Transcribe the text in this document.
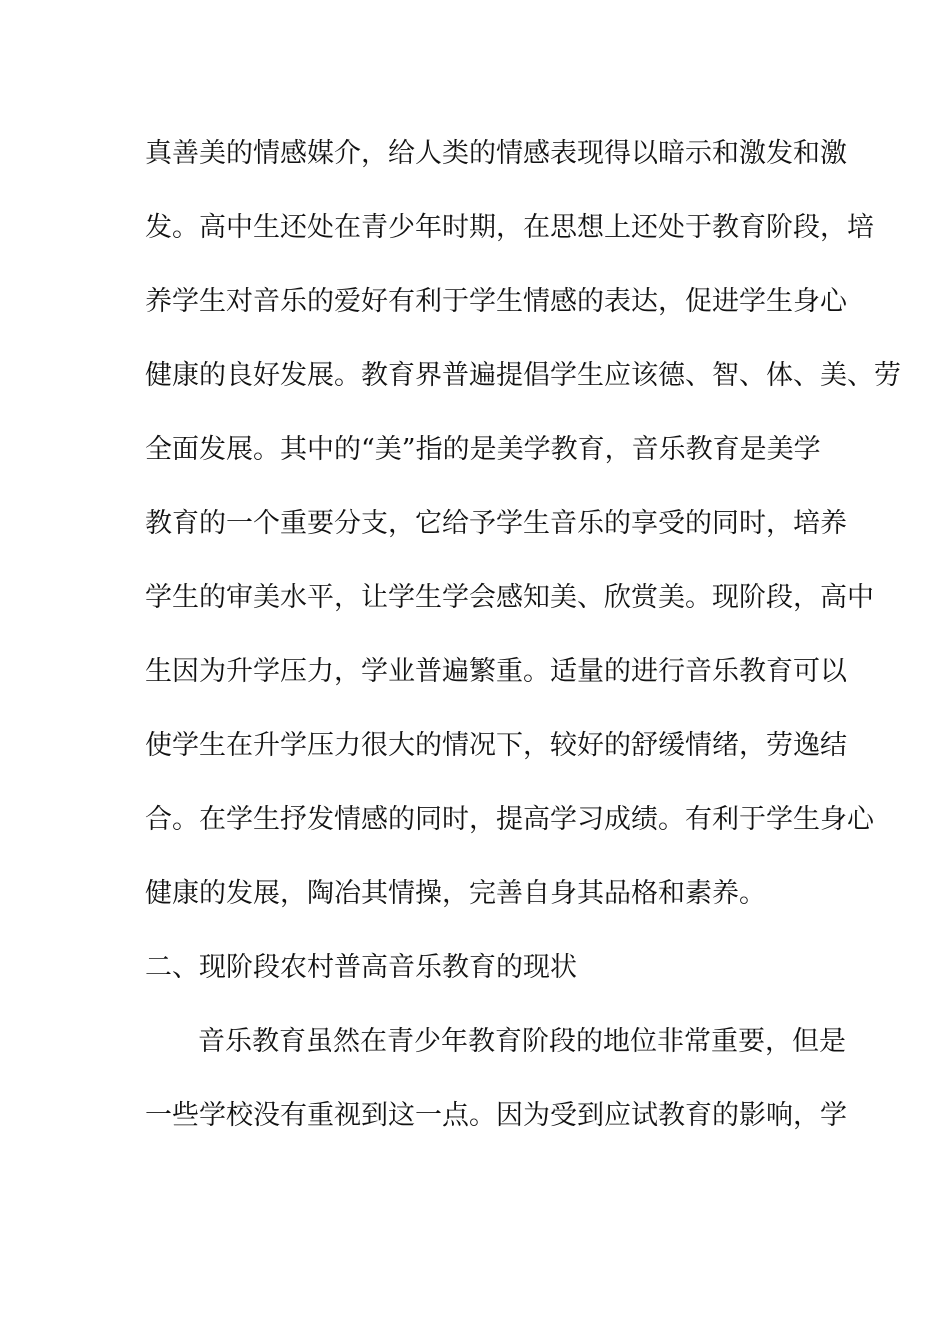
真善美的情感媒介，给人类的情感表现得以暗示和激发和激
发。高中生还处在青少年时期，在思想上还处于教育阶段，培
养学生对音乐的爱好有利于学生情感的表达，促进学生身心
健康的良好发展。教育界普遍提倡学生应该德、智、体、美、劳
全面发展。其中的“美”指的是美学教育，音乐教育是美学
教育的一个重要分支，它给予学生音乐的享受的同时，培养
学生的审美水平，让学生学会感知美、欣赏美。现阶段，高中
生因为升学压力，学业普遍繁重。适量的进行音乐教育可以
使学生在升学压力很大的情况下，较好的舒缓情绪，劳逸结
合。在学生抒发情感的同时，提高学习成绩。有利于学生身心
健康的发展，陶冶其情操，完善自身其品格和素养。
二、现阶段农村普高音乐教育的现状
音乐教育虽然在青少年教育阶段的地位非常重要，但是
一些学校没有重视到这一点。因为受到应试教育的影响，学
